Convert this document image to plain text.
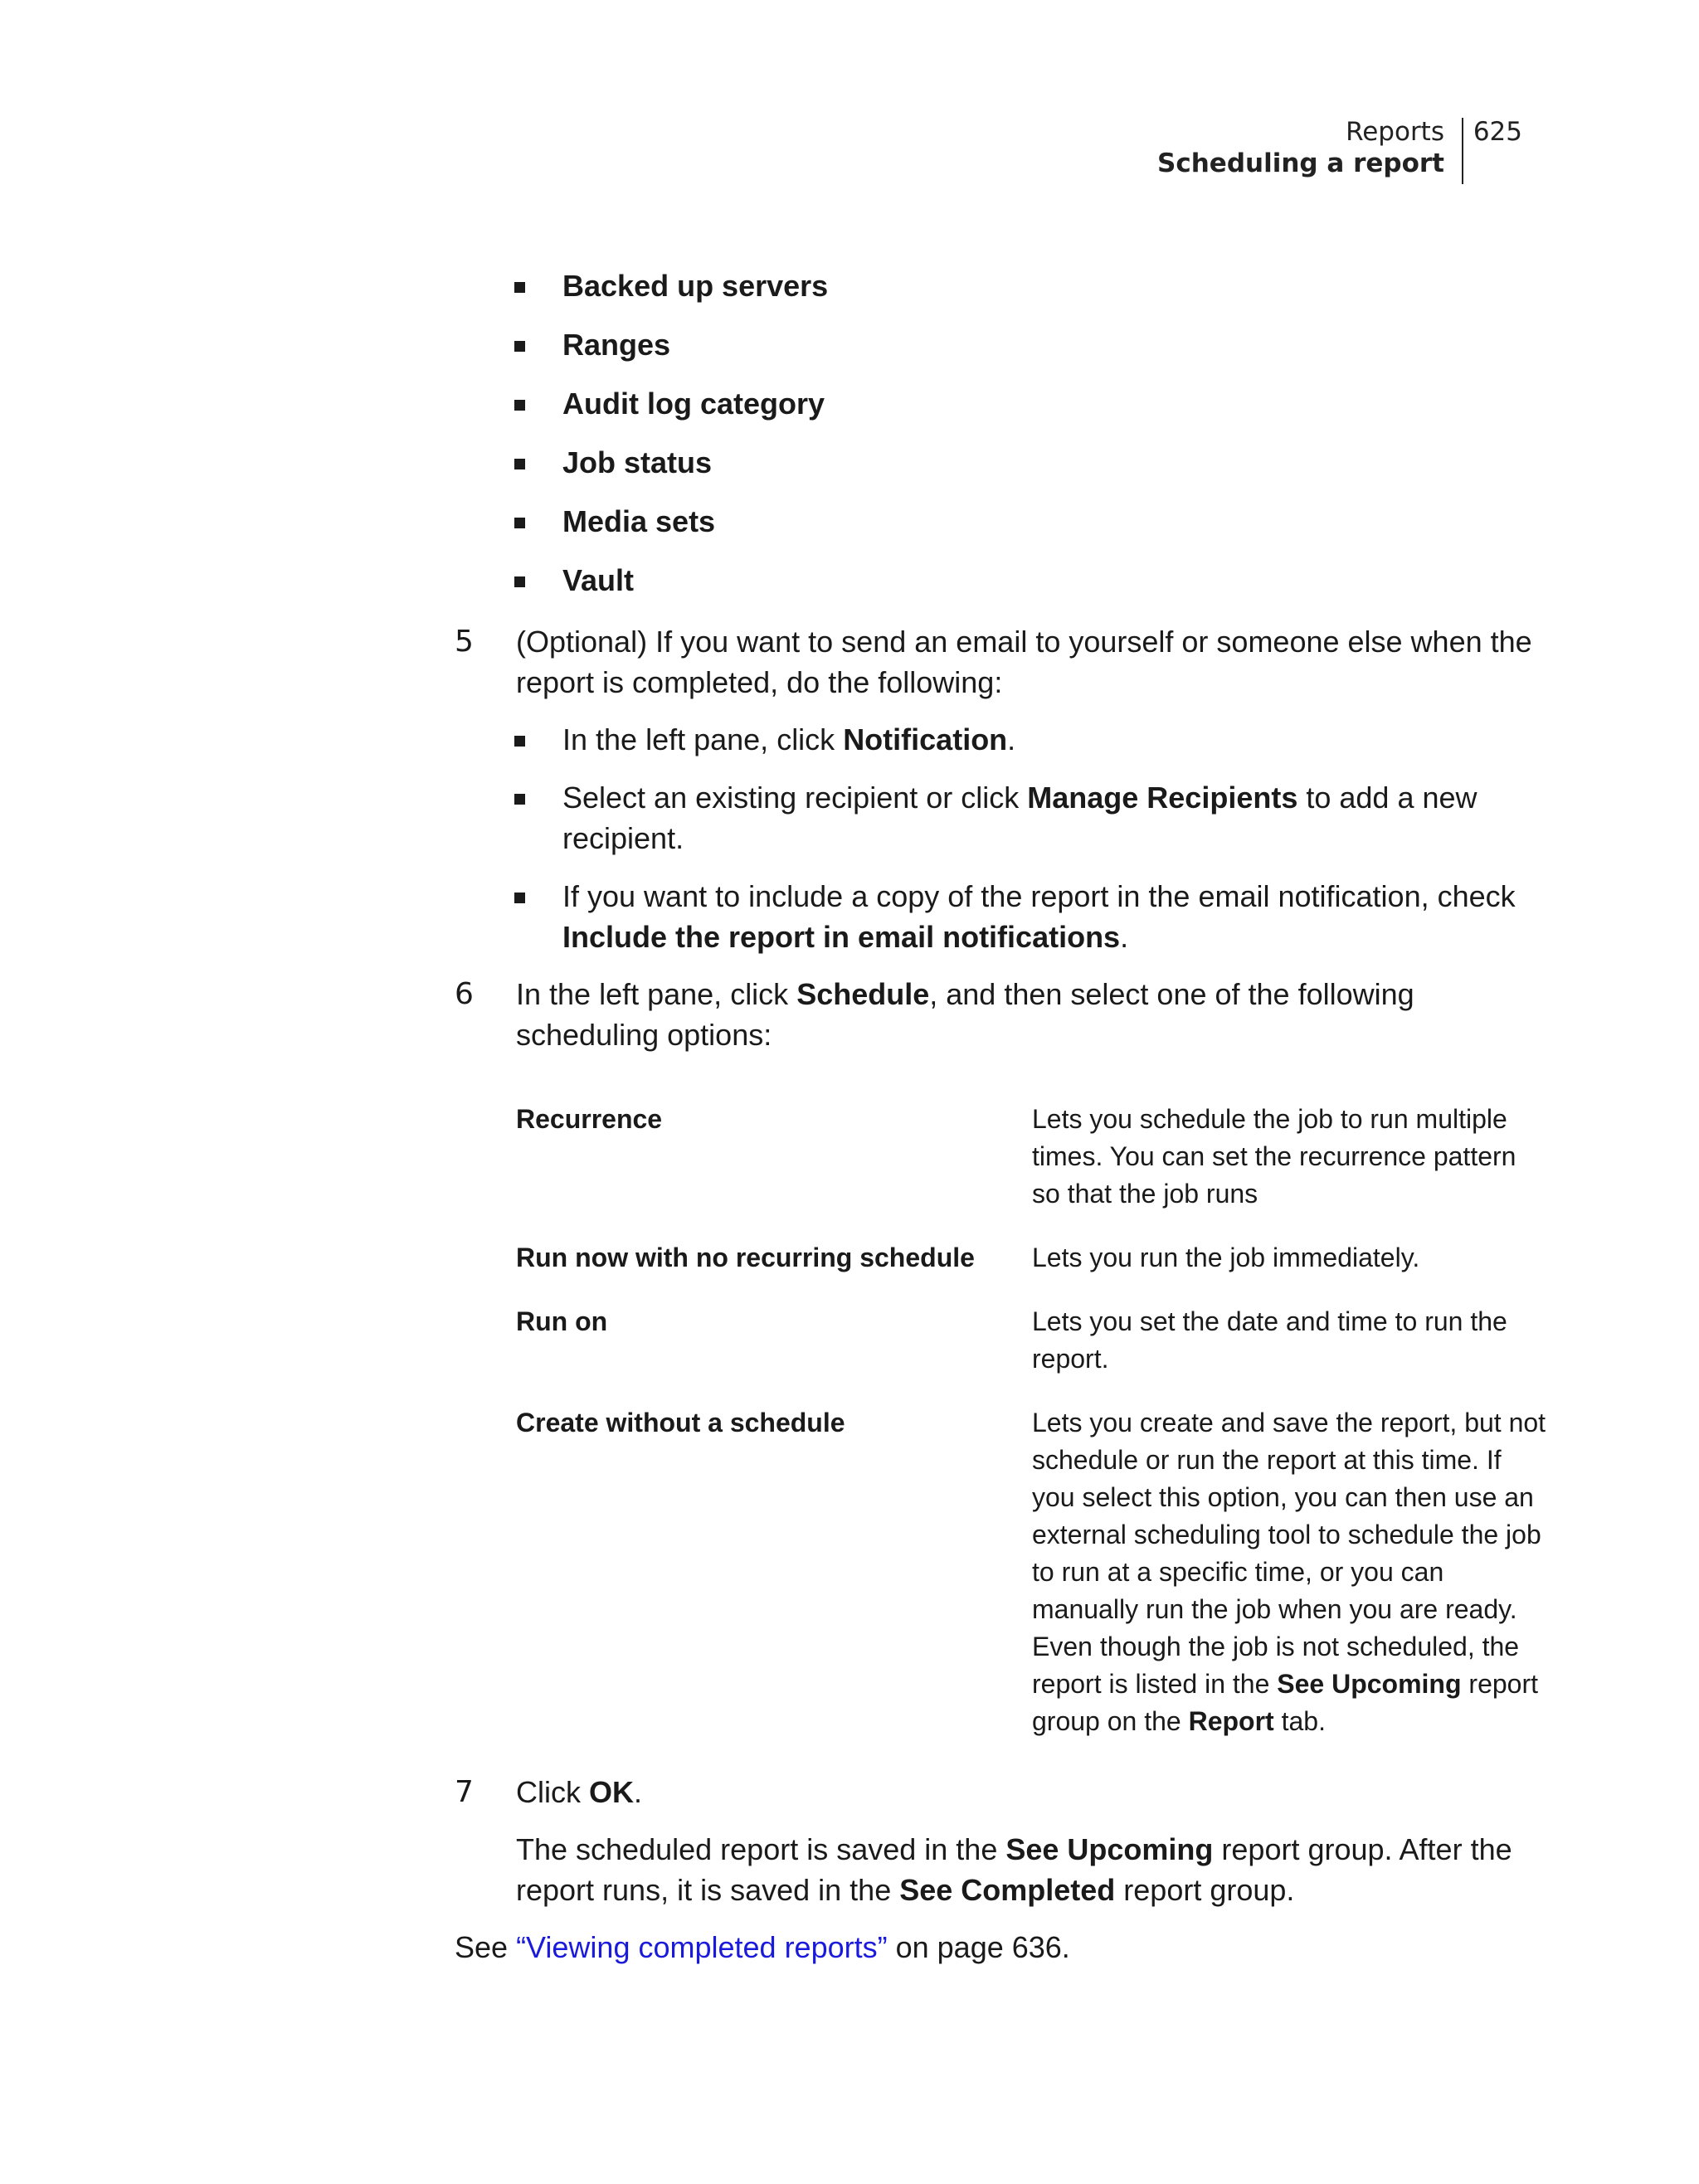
Reports
Scheduling a report
625
Backed up servers
Ranges
Audit log category
Job status
Media sets
Vault
5 (Optional) If you want to send an email to yourself or someone else when the report is completed, do the following:

In the left pane, click Notification.
Select an existing recipient or click Manage Recipients to add a new recipient.
If you want to include a copy of the report in the email notification, check Include the report in email notifications.
6 In the left pane, click Schedule, and then select one of the following scheduling options:

Recurrence	Lets you schedule the job to run multiple times. You can set the recurrence pattern so that the job runs
Run now with no recurring schedule	Lets you run the job immediately.
Run on	Lets you set the date and time to run the report.
Create without a schedule	Lets you create and save the report, but not schedule or run the report at this time. If you select this option, you can then use an external scheduling tool to schedule the job to run at a specific time, or you can manually run the job when you are ready. Even though the job is not scheduled, the report is listed in the See Upcoming report group on the Report tab.
7 Click OK.

The scheduled report is saved in the See Upcoming report group. After the report runs, it is saved in the See Completed report group.

See “Viewing completed reports” on page 636.
